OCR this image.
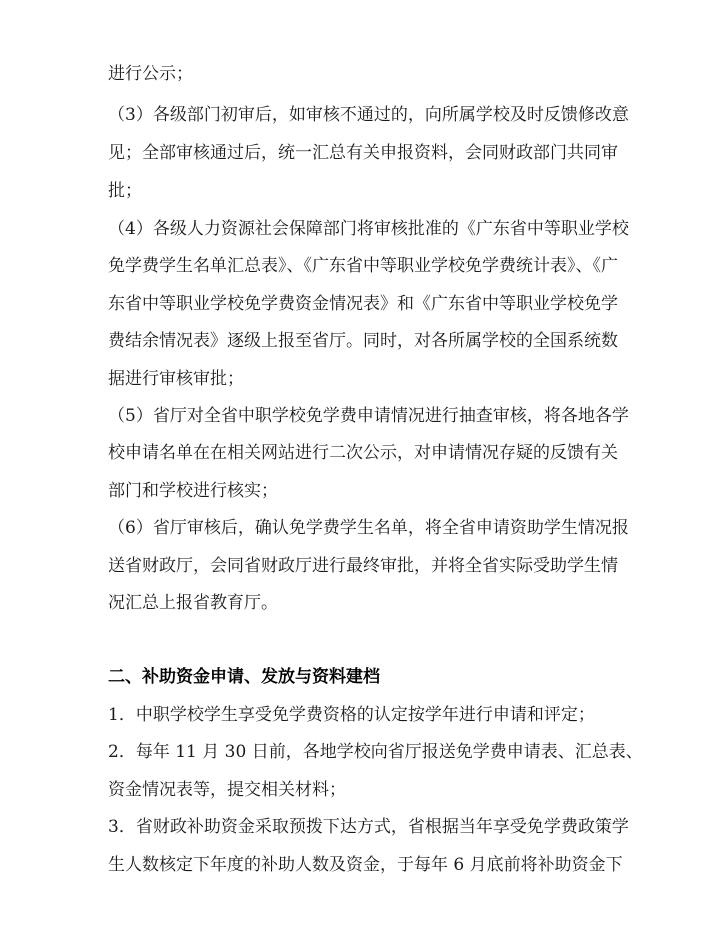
进行公示；
（3）各级部门初审后，如审核不通过的，向所属学校及时反馈修改意
见；全部审核通过后，统一汇总有关申报资料，会同财政部门共同审
批；
（4）各级人力资源社会保障部门将审核批准的《广东省中等职业学校
免学费学生名单汇总表》、《广东省中等职业学校免学费统计表》、《广
东省中等职业学校免学费资金情况表》和《广东省中等职业学校免学
费结余情况表》逐级上报至省厅。同时，对各所属学校的全国系统数
据进行审核审批；
（5）省厅对全省中职学校免学费申请情况进行抽查审核，将各地各学
校申请名单在在相关网站进行二次公示，对申请情况存疑的反馈有关
部门和学校进行核实；
（6）省厅审核后，确认免学费学生名单，将全省申请资助学生情况报
送省财政厅，会同省财政厅进行最终审批，并将全省实际受助学生情
况汇总上报省教育厅。
二、补助资金申请、发放与资料建档
1．中职学校学生享受免学费资格的认定按学年进行申请和评定；
2．每年 11 月 30 日前，各地学校向省厅报送免学费申请表、汇总表、
资金情况表等，提交相关材料；
3．省财政补助资金采取预拨下达方式，省根据当年享受免学费政策学
生人数核定下年度的补助人数及资金，于每年 6 月底前将补助资金下
